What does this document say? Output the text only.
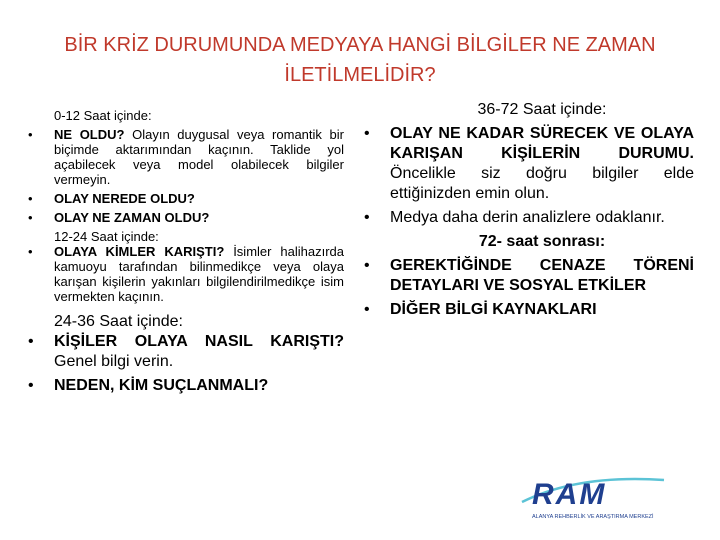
BİR KRİZ DURUMUNDA MEDYAYA HANGİ BİLGİLER NE ZAMAN
İLETİLMELİDİR?
0-12 Saat içinde:
• NE OLDU? Olayın duygusal veya romantik bir biçimde aktarımından kaçının. Taklide yol açabilecek veya model olabilecek bilgiler vermeyin.
• OLAY NEREDE OLDU?
• OLAY NE ZAMAN OLDU?
12-24 Saat içinde:
• OLAYA KİMLER KARIŞTI? İsimler halihazırda kamuoyu tarafından bilinmedikçe veya olaya karışan kişilerin yakınları bilgilendirilmedikçe isim vermekten kaçının.
24-36 Saat içinde:
• KİŞİLER OLAYA NASIL KARIŞTI? Genel bilgi verin.
• NEDEN, KİM SUÇLANMALI?
36-72 Saat içinde:
• OLAY NE KADAR SÜRECEK VE OLAYA KARIŞAN KİŞİLERİN DURUMU. Öncelikle siz doğru bilgiler elde ettiğinizden emin olun.
• Medya daha derin analizlere odaklanır.
72- saat sonrası:
• GEREKTİĞİNDE CENAZE TÖRENİ DETAYLARI VE SOSYAL ETKİLER
• DİĞER BİLGİ KAYNAKLARI
RAM
ALANYA REHBERLİK VE ARAŞTIRMA MERKEZİ
